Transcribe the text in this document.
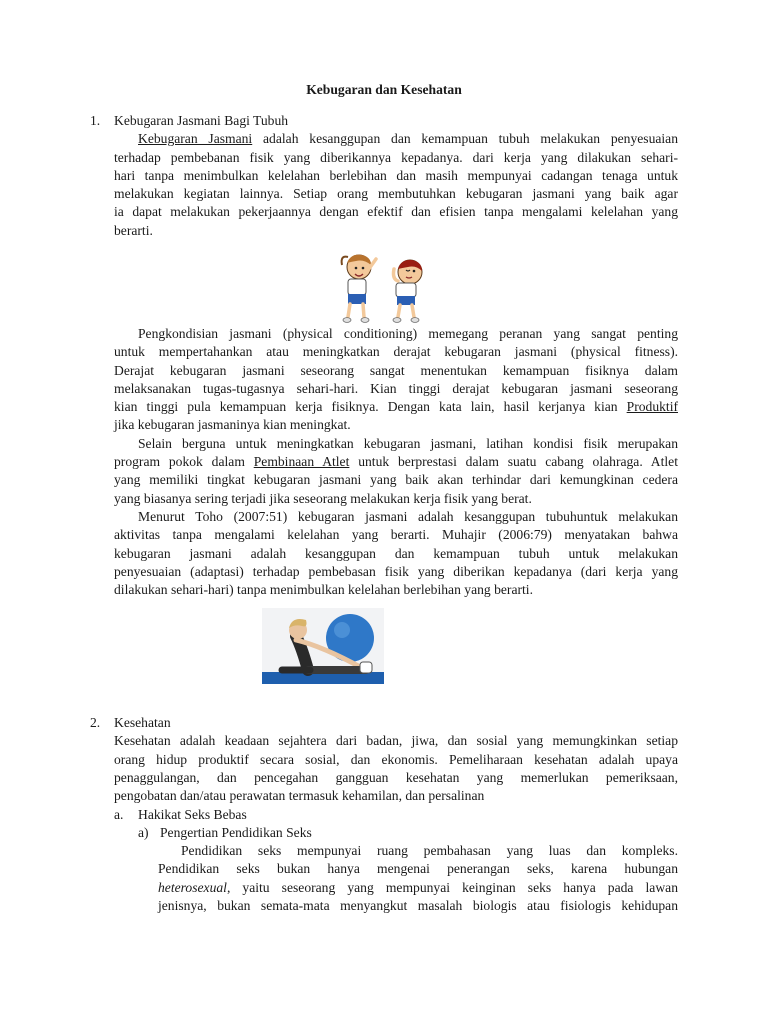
Kebugaran dan Kesehatan
1. Kebugaran Jasmani Bagi Tubuh
Kebugaran Jasmani adalah kesanggupan dan kemampuan tubuh melakukan penyesuaian
terhadap pembebanan fisik yang diberikannya kepadanya. dari kerja yang dilakukan sehari-
hari tanpa menimbulkan kelelahan berlebihan dan masih mempunyai cadangan tenaga untuk
melakukan kegiatan lainnya. Setiap orang membutuhkan kebugaran jasmani yang baik agar
ia dapat melakukan pekerjaannya dengan efektif dan efisien tanpa mengalami kelelahan yang
berarti.
Pengkondisian jasmani (physical conditioning) memegang peranan yang sangat penting
untuk mempertahankan atau meningkatkan derajat kebugaran jasmani (physical fitness).
Derajat kebugaran jasmani seseorang sangat menentukan kemampuan fisiknya dalam
melaksanakan tugas-tugasnya sehari-hari. Kian tinggi derajat kebugaran jasmani seseorang
kian tinggi pula kemampuan kerja fisiknya. Dengan kata lain, hasil kerjanya kian Produktif
jika kebugaran jasmaninya kian meningkat.
Selain berguna untuk meningkatkan kebugaran jasmani, latihan kondisi fisik merupakan
program pokok dalam Pembinaan Atlet untuk berprestasi dalam suatu cabang olahraga. Atlet
yang memiliki tingkat kebugaran jasmani yang baik akan terhindar dari kemungkinan cedera
yang biasanya sering terjadi jika seseorang melakukan kerja fisik yang berat.
Menurut Toho (2007:51) kebugaran jasmani adalah kesanggupan tubuhuntuk melakukan
aktivitas tanpa mengalami kelelahan yang berarti. Muhajir (2006:79) menyatakan bahwa
kebugaran jasmani adalah kesanggupan dan kemampuan tubuh untuk melakukan
penyesuaian (adaptasi) terhadap pembebasan fisik yang diberikan kepadanya (dari kerja yang
dilakukan sehari-hari) tanpa menimbulkan kelelahan berlebihan yang berarti.
2. Kesehatan
Kesehatan adalah keadaan sejahtera dari badan, jiwa, dan sosial yang memungkinkan setiap
orang hidup produktif secara sosial, dan ekonomis. Pemeliharaan kesehatan adalah upaya
penaggulangan, dan pencegahan gangguan kesehatan yang memerlukan pemeriksaan,
pengobatan dan/atau perawatan termasuk kehamilan, dan persalinan
a. Hakikat Seks Bebas
a) Pengertian Pendidikan Seks
Pendidikan seks mempunyai ruang pembahasan yang luas dan kompleks.
Pendidikan seks bukan hanya mengenai penerangan seks, karena hubungan
heterosexual, yaitu seseorang yang mempunyai keinginan seks hanya pada lawan
jenisnya, bukan semata-mata menyangkut masalah biologis atau fisiologis kehidupan
